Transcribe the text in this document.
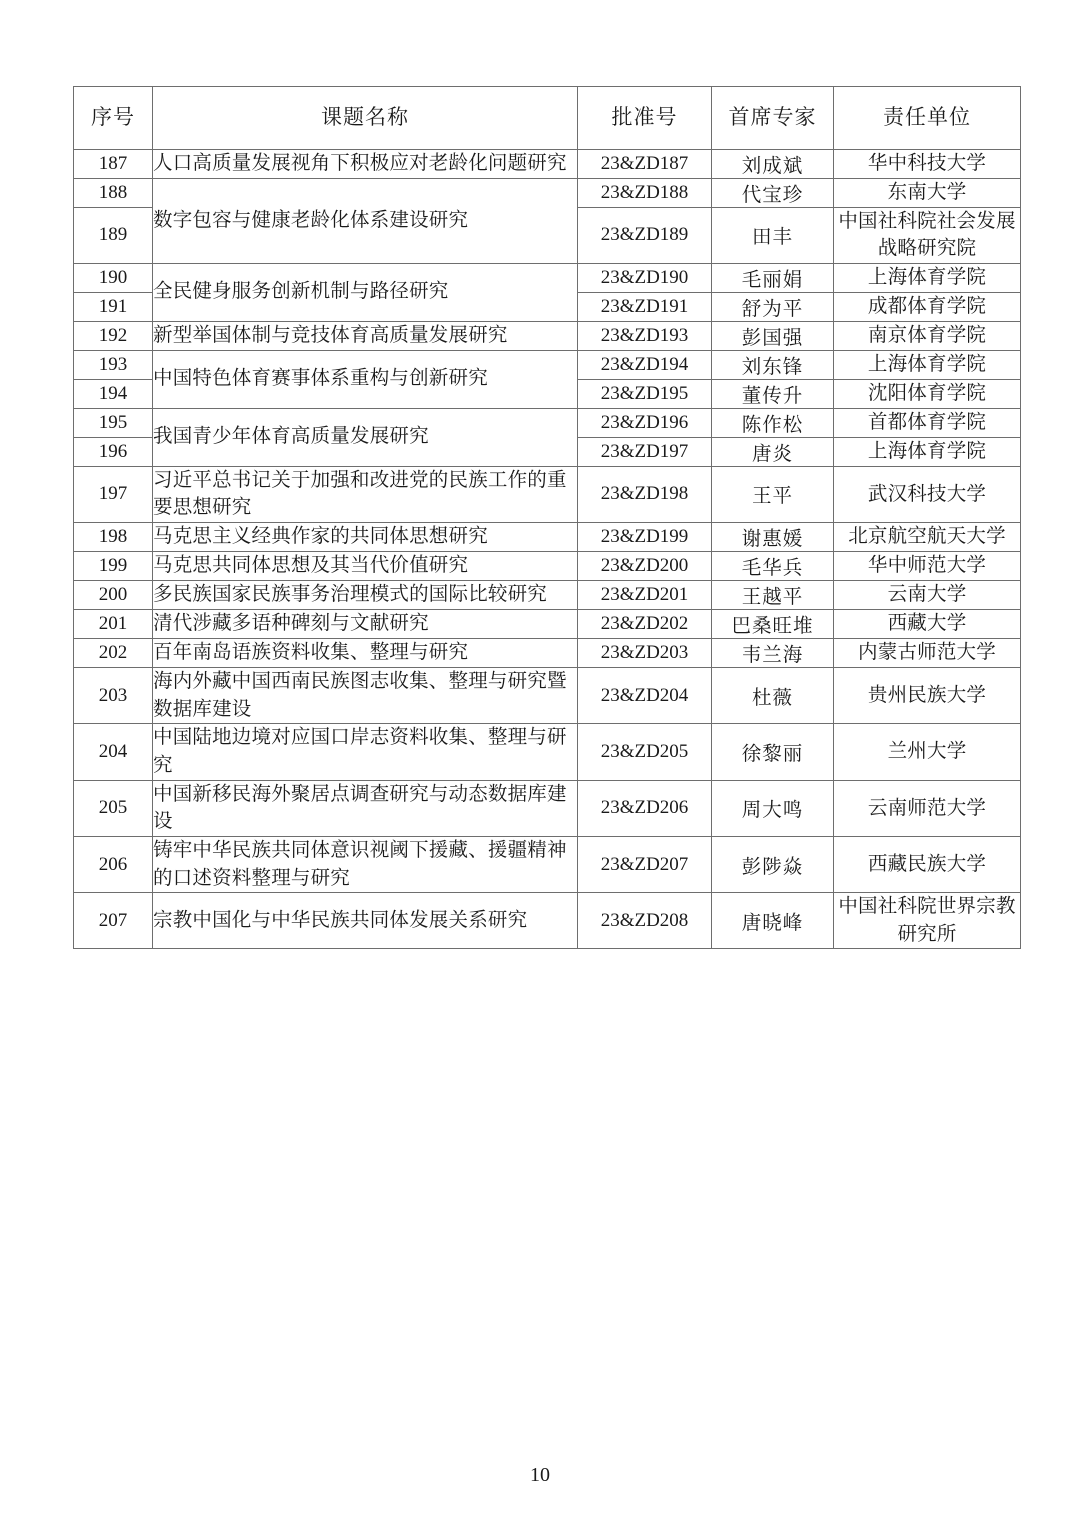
序号	课题名称	批准号	首席专家	责任单位
187	人口高质量发展视角下积极应对老龄化问题研究	23&ZD187	刘成斌	华中科技大学
188	数字包容与健康老龄化体系建设研究	23&ZD188	代宝珍	东南大学
189		23&ZD189	田丰	中国社科院社会发展战略研究院
190	全民健身服务创新机制与路径研究	23&ZD190	毛丽娟	上海体育学院
191		23&ZD191	舒为平	成都体育学院
192	新型举国体制与竞技体育高质量发展研究	23&ZD193	彭国强	南京体育学院
193	中国特色体育赛事体系重构与创新研究	23&ZD194	刘东锋	上海体育学院
194		23&ZD195	董传升	沈阳体育学院
195	我国青少年体育高质量发展研究	23&ZD196	陈作松	首都体育学院
196		23&ZD197	唐炎	上海体育学院
197	习近平总书记关于加强和改进党的民族工作的重要思想研究	23&ZD198	王平	武汉科技大学
198	马克思主义经典作家的共同体思想研究	23&ZD199	谢惠媛	北京航空航天大学
199	马克思共同体思想及其当代价值研究	23&ZD200	毛华兵	华中师范大学
200	多民族国家民族事务治理模式的国际比较研究	23&ZD201	王越平	云南大学
201	清代涉藏多语种碑刻与文献研究	23&ZD202	巴桑旺堆	西藏大学
202	百年南岛语族资料收集、整理与研究	23&ZD203	韦兰海	内蒙古师范大学
203	海内外藏中国西南民族图志收集、整理与研究暨数据库建设	23&ZD204	杜薇	贵州民族大学
204	中国陆地边境对应国口岸志资料收集、整理与研究	23&ZD205	徐黎丽	兰州大学
205	中国新移民海外聚居点调查研究与动态数据库建设	23&ZD206	周大鸣	云南师范大学
206	铸牢中华民族共同体意识视阈下援藏、援疆精神的口述资料整理与研究	23&ZD207	彭陟焱	西藏民族大学
207	宗教中国化与中华民族共同体发展关系研究	23&ZD208	唐晓峰	中国社科院世界宗教研究所
10
